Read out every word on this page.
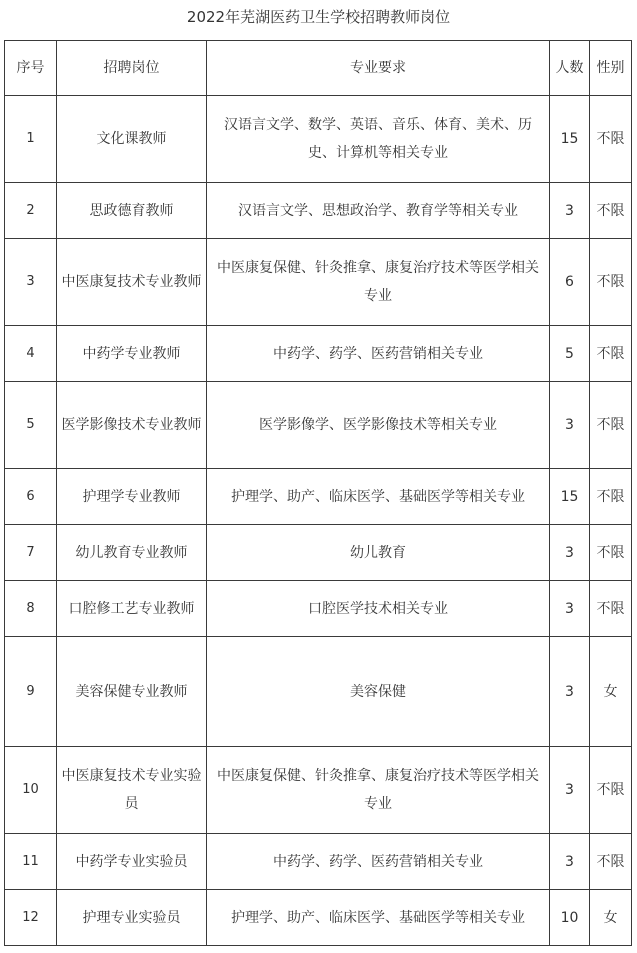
2022年芜湖医药卫生学校招聘教师岗位
序号	招聘岗位	专业要求	人数	性别
1	文化课教师	汉语言文学、数学、英语、音乐、体育、美术、历史、计算机等相关专业	15	不限
2	思政德育教师	汉语言文学、思想政治学、教育学等相关专业	3	不限
3	中医康复技术专业教师	中医康复保健、针灸推拿、康复治疗技术等医学相关专业	6	不限
4	中药学专业教师	中药学、药学、医药营销相关专业	5	不限
5	医学影像技术专业教师	医学影像学、医学影像技术等相关专业	3	不限
6	护理学专业教师	护理学、助产、临床医学、基础医学等相关专业	15	不限
7	幼儿教育专业教师	幼儿教育	3	不限
8	口腔修工艺专业教师	口腔医学技术相关专业	3	不限
9	美容保健专业教师	美容保健	3	女
10	中医康复技术专业实验员	中医康复保健、针灸推拿、康复治疗技术等医学相关专业	3	不限
11	中药学专业实验员	中药学、药学、医药营销相关专业	3	不限
12	护理专业实验员	护理学、助产、临床医学、基础医学等相关专业	10	女
